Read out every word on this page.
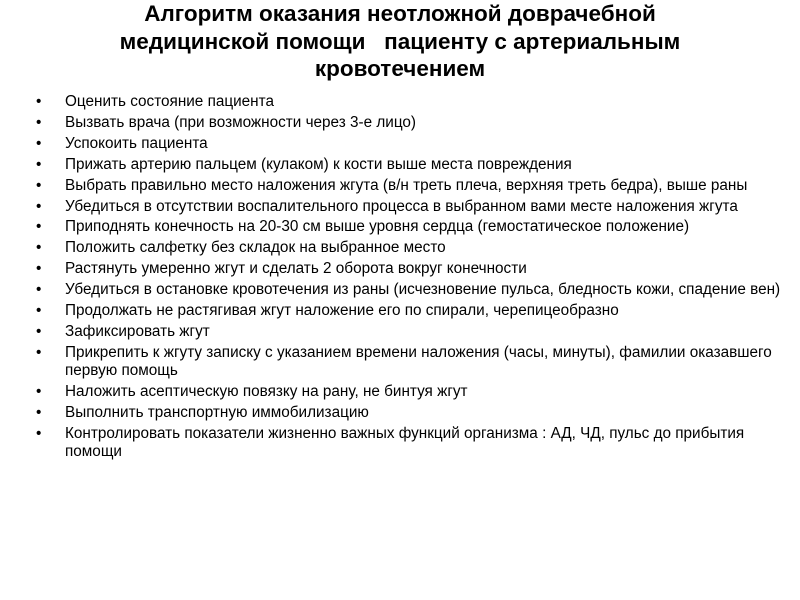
Алгоритм оказания неотложной доврачебной
медицинской помощи   пациенту с артериальным
кровотечением
• Оценить состояние пациента
• Вызвать врача (при возможности через 3-е лицо)
• Успокоить пациента
• Прижать артерию пальцем (кулаком) к кости выше места повреждения
• Выбрать правильно место наложения жгута (в/н треть плеча, верхняя треть бедра), выше раны
• Убедиться в отсутствии воспалительного процесса в выбранном вами месте наложения жгута
• Приподнять конечность на 20-30 см выше уровня сердца (гемостатическое положение)
• Положить салфетку без складок на выбранное место
• Растянуть умеренно жгут и сделать 2 оборота вокруг конечности
• Убедиться в остановке кровотечения из раны (исчезновение пульса, бледность кожи, спадение вен)
• Продолжать не растягивая жгут наложение его по спирали, черепицеобразно
• Зафиксировать жгут
• Прикрепить к жгуту записку с указанием времени наложения (часы, минуты), фамилии оказавшего первую помощь
• Наложить асептическую повязку на рану, не бинтуя жгут
• Выполнить транспортную иммобилизацию
• Контролировать показатели жизненно важных функций организма : АД, ЧД, пульс до прибытия помощи
